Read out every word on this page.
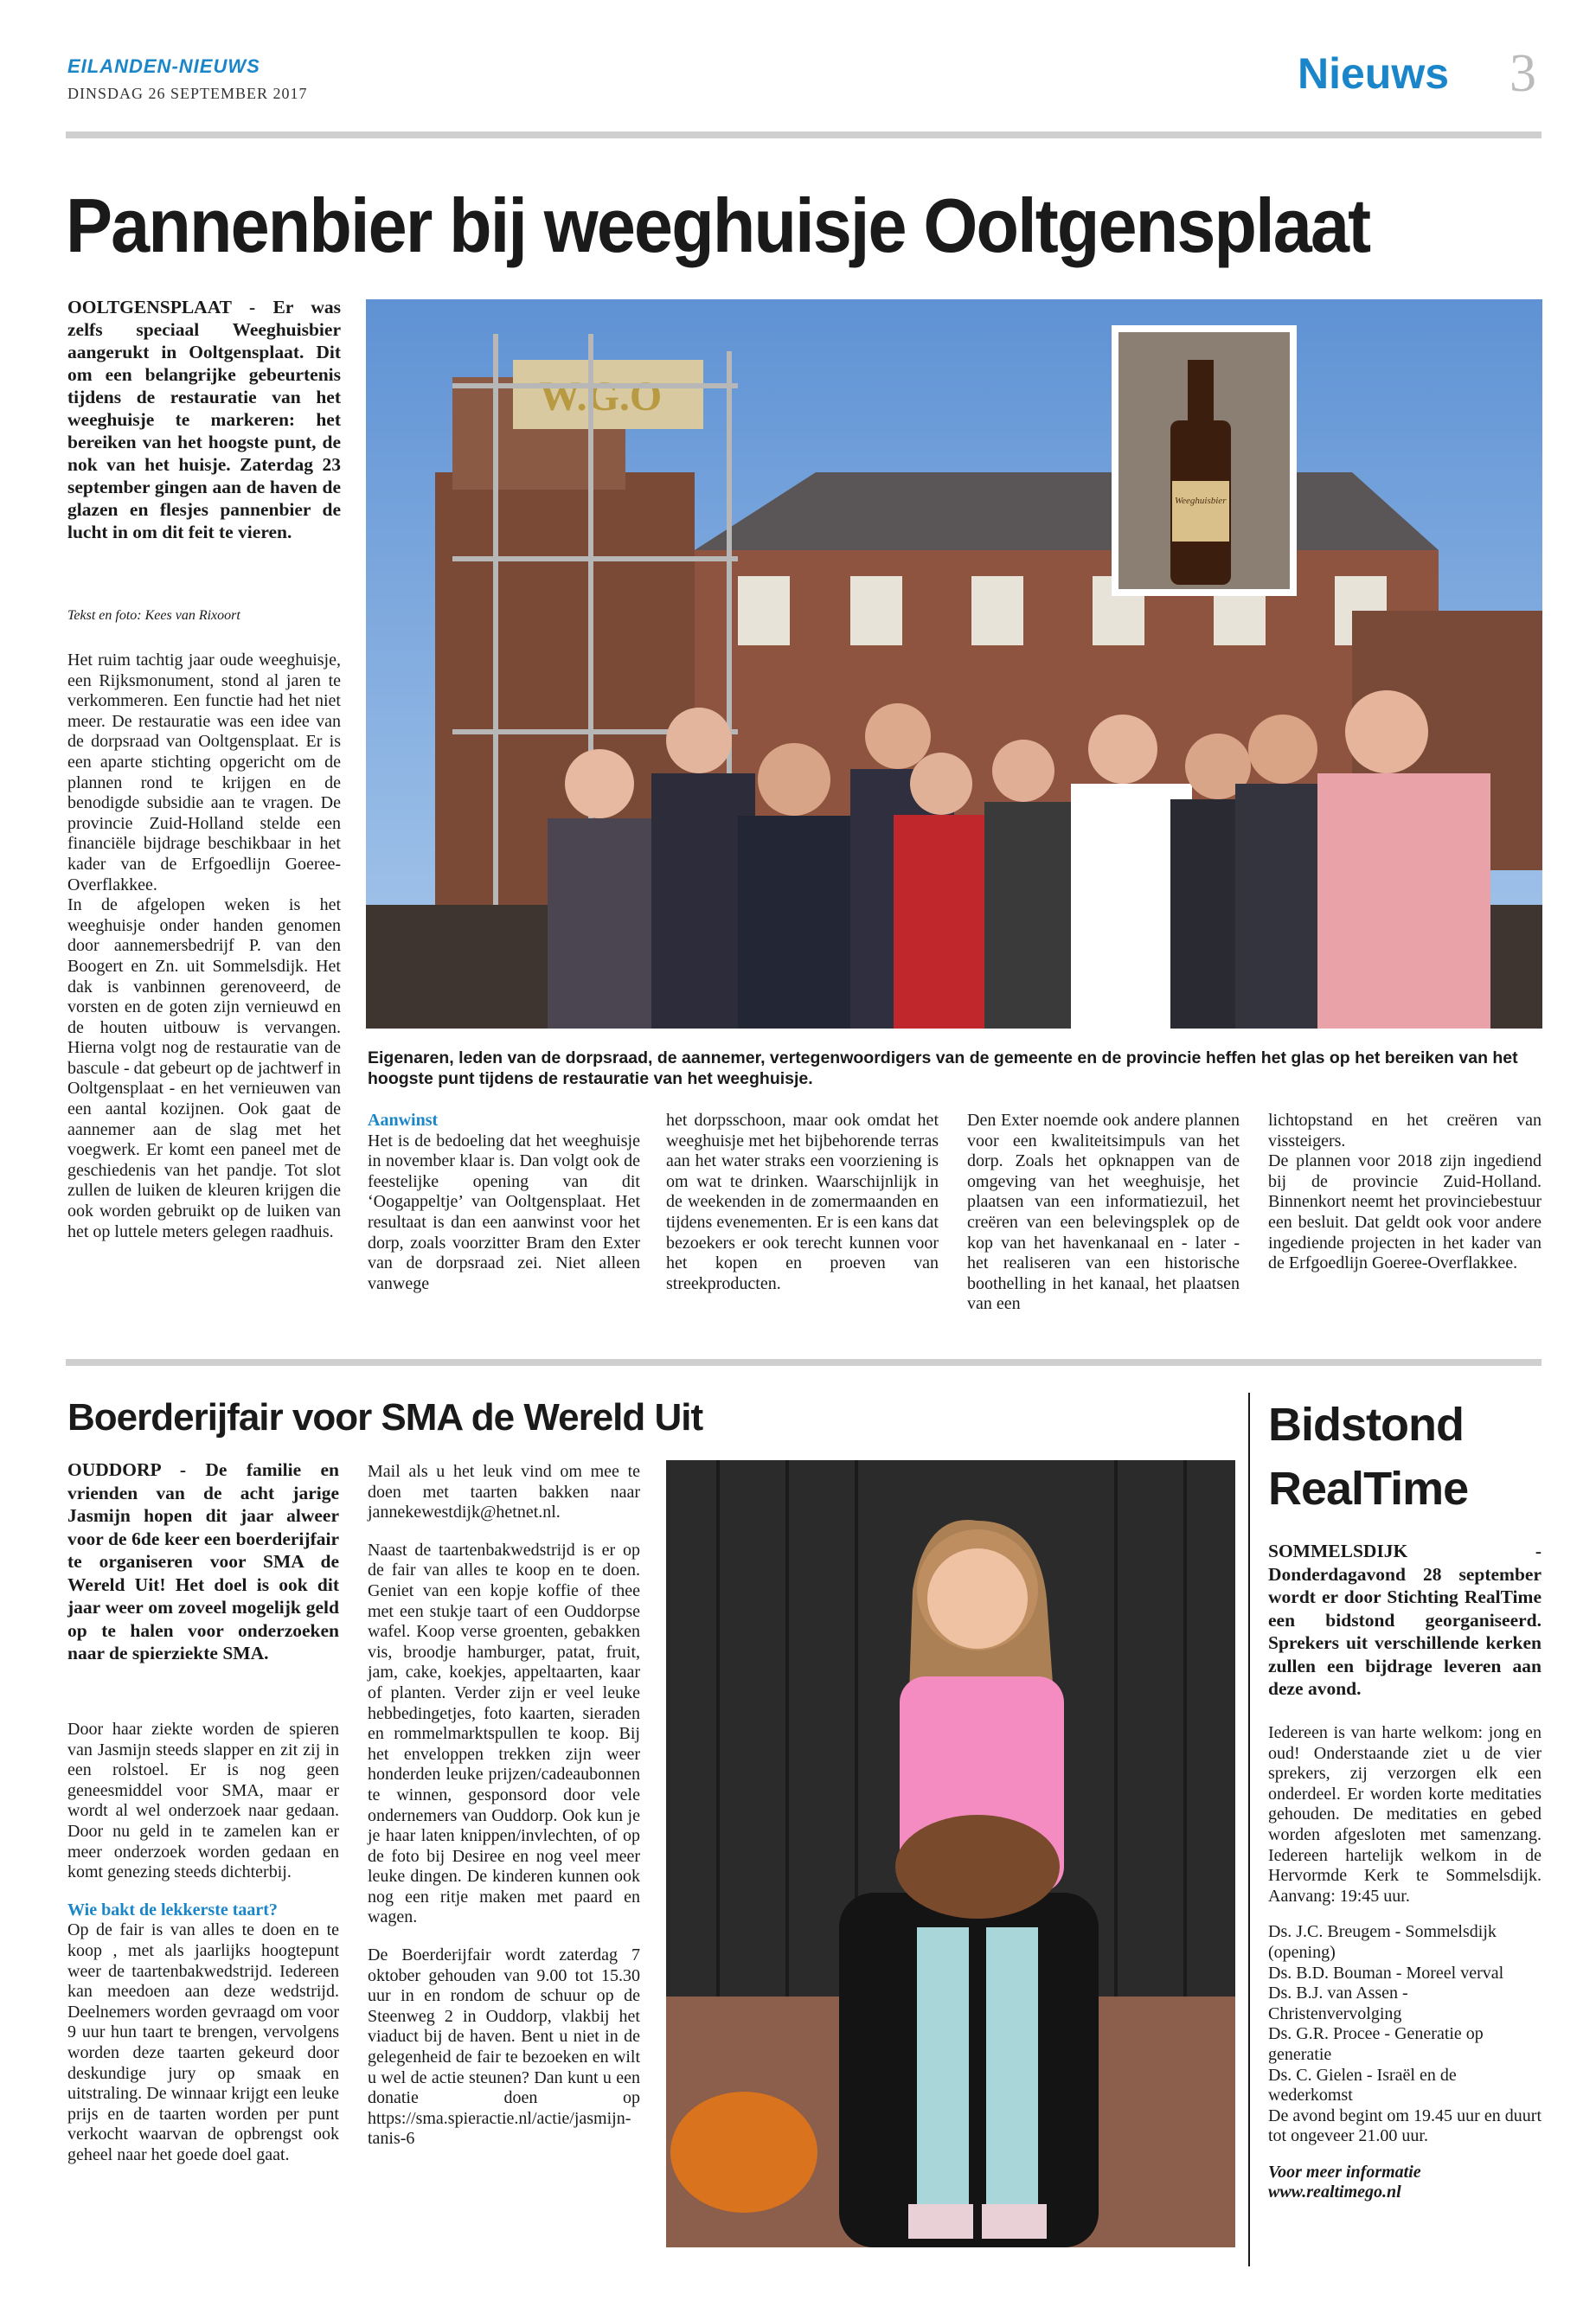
EILANDEN-NIEUWS
DINSDAG 26 SEPTEMBER 2017	Nieuws 3
Pannenbier bij weeghuisje Ooltgensplaat
OOLTGENSPLAAT - Er was zelfs speciaal Weeghuisbier aangerukt in Ooltgensplaat. Dit om een belangrijke gebeurtenis tijdens de restauratie van het weeghuisje te markeren: het bereiken van het hoogste punt, de nok van het huisje. Zaterdag 23 september gingen aan de haven de glazen en flesjes pannenbier de lucht in om dit feit te vieren.
Tekst en foto: Kees van Rixoort

Het ruim tachtig jaar oude weeghuisje, een Rijksmonument, stond al jaren te verkommeren. Een functie had het niet meer. De restauratie was een idee van de dorpsraad van Ooltgensplaat. Er is een aparte stichting opgericht om de plannen rond te krijgen en de benodigde subsidie aan te vragen. De provincie Zuid-Holland stelde een financiële bijdrage beschikbaar in het kader van de Erfgoedlijn Goeree-Overflakkee.

In de afgelopen weken is het weeghuisje onder handen genomen door aannemersbedrijf P. van den Boogert en Zn. uit Sommelsdijk. Het dak is vanbinnen gerenoveerd, de vorsten en de goten zijn vernieuwd en de houten uitbouw is vervangen. Hierna volgt nog de restauratie van de bascule - dat gebeurt op de jachtwerf in Ooltgensplaat - en het vernieuwen van een aantal kozijnen. Ook gaat de aannemer aan de slag met het voegwerk. Er komt een paneel met de geschiedenis van het pandje. Tot slot zullen de luiken de kleuren krijgen die ook worden gebruikt op de luiken van het op luttele meters gelegen raadhuis.

W.G.O
Weeghuisbier
Eigenaren, leden van de dorpsraad, de aannemer, vertegenwoordigers van de gemeente en de provincie heffen het glas op het bereiken van het hoogste punt tijdens de restauratie van het weeghuisje.
Aanwinst

Het is de bedoeling dat het weeghuisje in november klaar is. Dan volgt ook de feestelijke opening van dit ‘Oogappeltje’ van Ooltgensplaat. Het resultaat is dan een aanwinst voor het dorp, zoals voorzitter Bram den Exter van de dorpsraad zei. Niet alleen vanwege

het dorpsschoon, maar ook omdat het weeghuisje met het bijbehorende terras aan het water straks een voorziening is om wat te drinken. Waarschijnlijk in de weekenden in de zomermaanden en tijdens evenementen. Er is een kans dat bezoekers er ook terecht kunnen voor het kopen en proeven van streekproducten.

Den Exter noemde ook andere plannen voor een kwaliteitsimpuls van het dorp. Zoals het opknappen van de omgeving van het weeghuisje, het plaatsen van een informatiezuil, het creëren van een belevingsplek op de kop van het havenkanaal en - later - het realiseren van een historische boothelling in het kanaal, het plaatsen van een

lichtopstand en het creëren van vissteigers.

De plannen voor 2018 zijn ingediend bij de provincie Zuid-Holland. Binnenkort neemt het provinciebestuur een besluit. Dat geldt ook voor andere ingediende projecten in het kader van de Erfgoedlijn Goeree-Overflakkee.

Boerderijfair voor SMA de Wereld Uit
OUDDORP - De familie en vrienden van de acht jarige Jasmijn hopen dit jaar alweer voor de 6de keer een boerderijfair te organiseren voor SMA de Wereld Uit! Het doel is ook dit jaar weer om zoveel mogelijk geld op te halen voor onderzoeken naar de spierziekte SMA.

Door haar ziekte worden de spieren van Jasmijn steeds slapper en zit zij in een rolstoel. Er is nog geen geneesmiddel voor SMA, maar er wordt al wel onderzoek naar gedaan. Door nu geld in te zamelen kan er meer onderzoek worden gedaan en komt genezing steeds dichterbij.

Wie bakt de lekkerste taart?

Op de fair is van alles te doen en te koop , met als jaarlijks hoogtepunt weer de taartenbakwedstrijd. Iedereen kan meedoen aan deze wedstrijd. Deelnemers worden gevraagd om voor 9 uur hun taart te brengen, vervolgens worden deze taarten gekeurd door deskundige jury op smaak en uitstraling. De winnaar krijgt een leuke prijs en de taarten worden per punt verkocht waarvan de opbrengst ook geheel naar het goede doel gaat.

Mail als u het leuk vind om mee te doen met taarten bakken naar jannekewestdijk@hetnet.nl.

Naast de taartenbakwedstrijd is er op de fair van alles te koop en te doen. Geniet van een kopje koffie of thee met een stukje taart of een Ouddorpse wafel. Koop verse groenten, gebakken vis, broodje hamburger, patat, fruit, jam, cake, koekjes, appeltaarten, kaar of planten. Verder zijn er veel leuke hebbedingetjes, foto kaarten, sieraden en rommelmarktspullen te koop. Bij het enveloppen trekken zijn weer honderden leuke prijzen/cadeaubonnen te winnen, gesponsord door vele ondernemers van Ouddorp. Ook kun je je haar laten knippen/invlechten, of op de foto bij Desiree en nog veel meer leuke dingen. De kinderen kunnen ook nog een ritje maken met paard en wagen.

De Boerderijfair wordt zaterdag 7 oktober gehouden van 9.00 tot 15.30 uur in en rondom de schuur op de Steenweg 2 in Ouddorp, vlakbij het viaduct bij de haven. Bent u niet in de gelegenheid de fair te bezoeken en wilt u wel de actie steunen? Dan kunt u een donatie doen op https://sma.spieractie.nl/actie/jasmijn-tanis-6

Bidstond
RealTime
SOMMELSDIJK - Donderdagavond 28 september wordt er door Stichting RealTime een bidstond georganiseerd. Sprekers uit verschillende kerken zullen een bijdrage leveren aan deze avond.

Iedereen is van harte welkom: jong en oud! Onderstaande ziet u de vier sprekers, zij verzorgen elk een onderdeel. Er worden korte meditaties gehouden. De meditaties en gebed worden afgesloten met samenzang. Iedereen hartelijk welkom in de Hervormde Kerk te Sommelsdijk. Aanvang: 19:45 uur.

Ds. J.C. Breugem - Sommelsdijk (opening)
Ds. B.D. Bouman - Moreel verval
Ds. B.J. van Assen - Christenvervolging
Ds. G.R. Procee - Generatie op generatie
Ds. C. Gielen - Israël en de wederkomst

De avond begint om 19.45 uur en duurt tot ongeveer 21.00 uur.

Voor meer informatie
www.realtimego.nl
